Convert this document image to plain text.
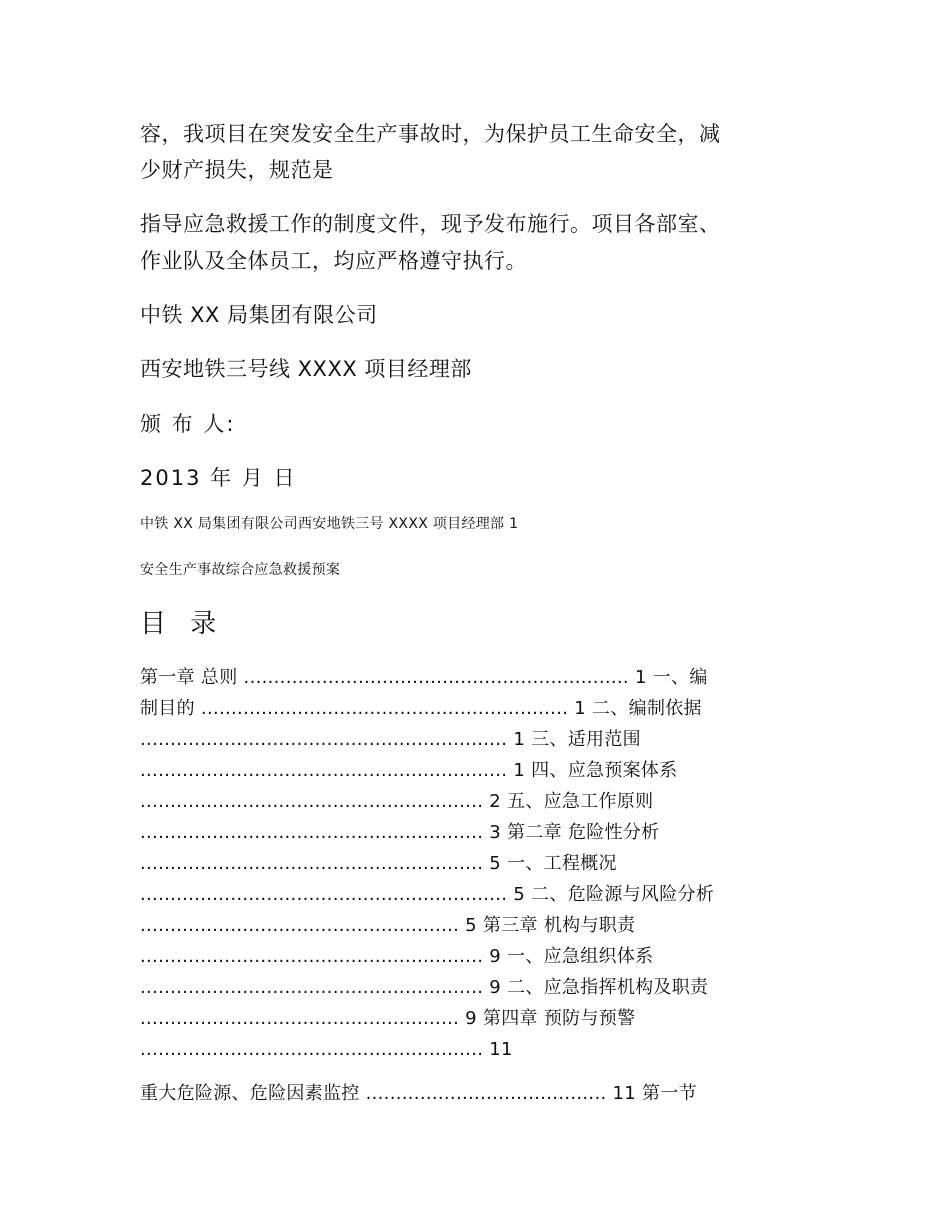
容，我项目在突发安全生产事故时，为保护员工生命安全，减
少财产损失，规范是
指导应急救援工作的制度文件，现予发布施行。项目各部室、
作业队及全体员工，均应严格遵守执行。
中铁 XX 局集团有限公司
西安地铁三号线 XXXX 项目经理部
颁 布 人:
2013 年 月 日
中铁 XX 局集团有限公司西安地铁三号 XXXX 项目经理部 1
安全生产事故综合应急救援预案
目 录
第一章 总则 ................................................................ 1 一、编
制目的 ............................................................. 1 二、编制依据
............................................................. 1 三、适用范围
............................................................. 1 四、应急预案体系
......................................................... 2 五、应急工作原则
......................................................... 3 第二章 危险性分析
......................................................... 5 一、工程概况
............................................................. 5 二、危险源与风险分析
..................................................... 5 第三章 机构与职责
......................................................... 9 一、应急组织体系
......................................................... 9 二、应急指挥机构及职责
..................................................... 9 第四章 预防与预警
......................................................... 11
重大危险源、危险因素监控 ........................................ 11 第一节
